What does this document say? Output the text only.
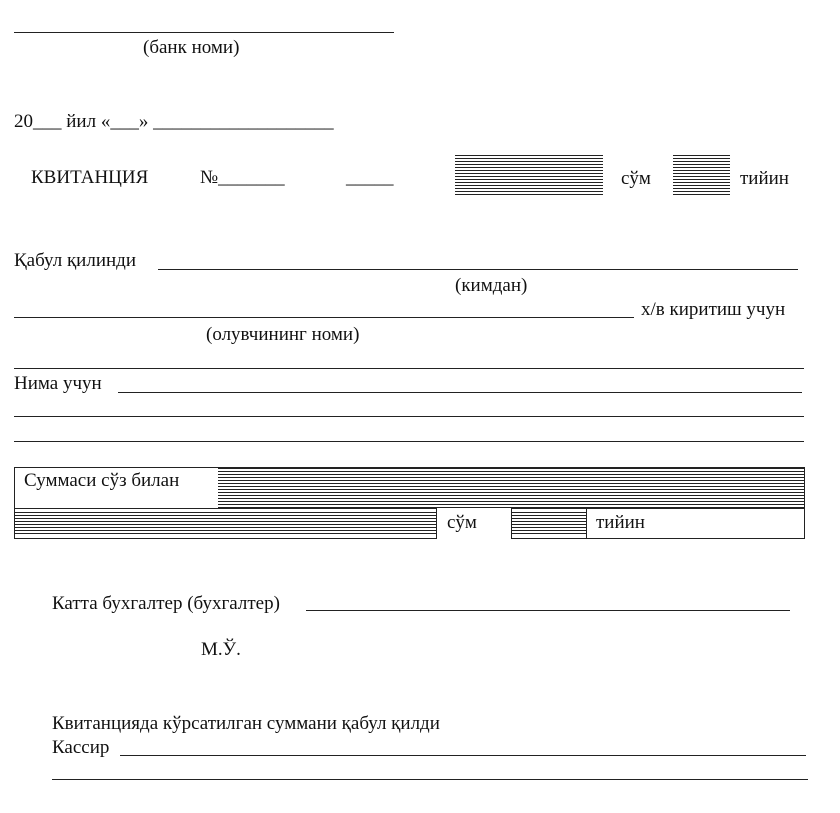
(банк номи)
20___ йил «___» ___________________
КВИТАНЦИЯ	№_______	_____	сўм	тийин
Қабул қилинди
(кимдан)
х/в киритиш учун
(олувчининг номи)
Нима учун
Суммаси сўз билан
сўм	тийин
Катта бухгалтер (бухгалтер)
М.Ў.
Квитанцияда кўрсатилган суммани қабул қилди
Кассир
